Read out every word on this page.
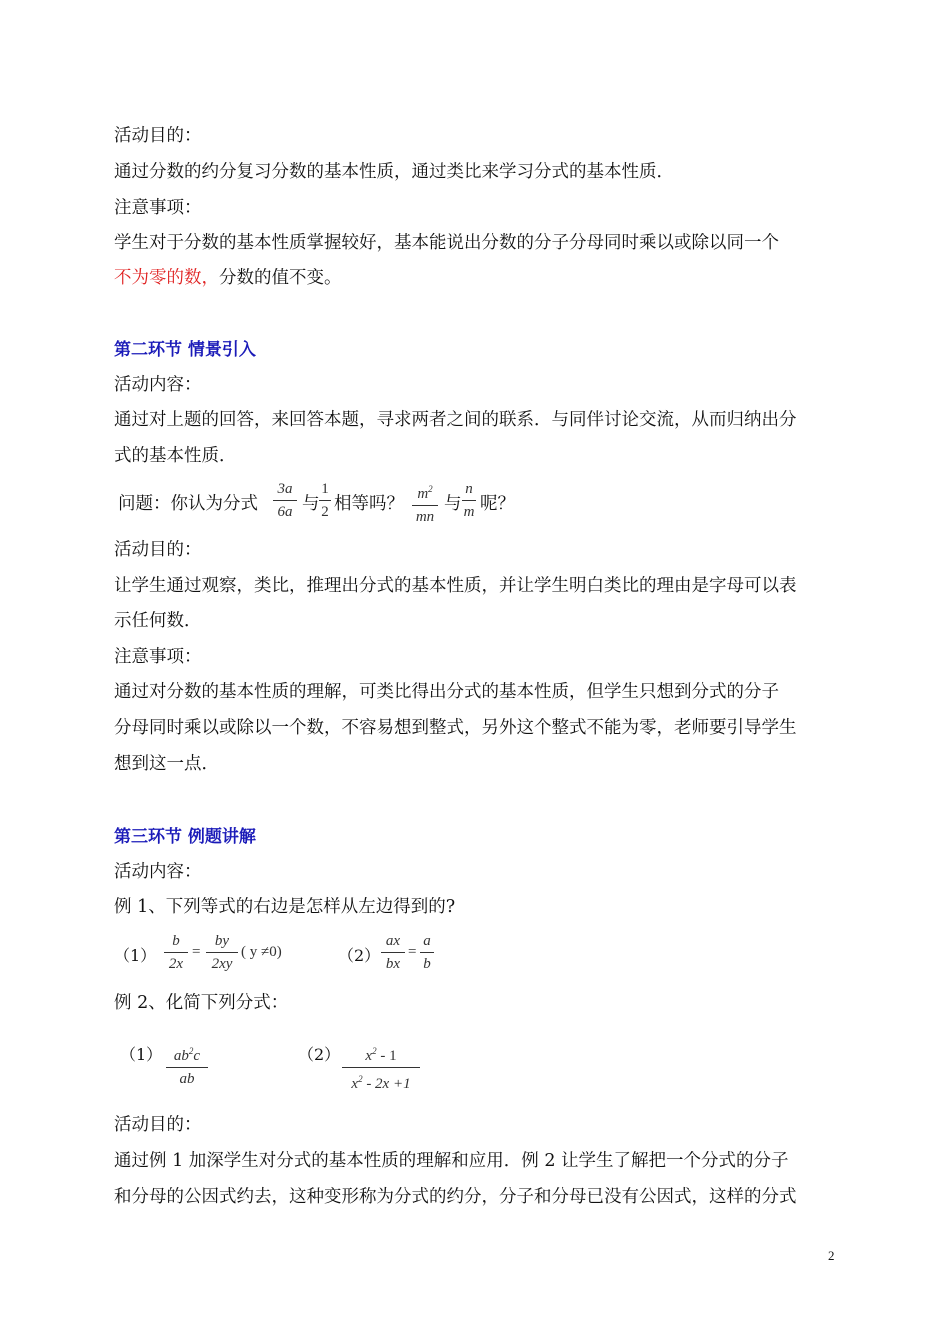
活动目的：
通过分数的约分复习分数的基本性质，通过类比来学习分式的基本性质．
注意事项：
学生对于分数的基本性质掌握较好，基本能说出分数的分子分母同时乘以或除以同一个
不为零的数，分数的值不变。
第二环节 情景引入
活动内容：
通过对上题的回答，来回答本题，寻求两者之间的联系．与同伴讨论交流，从而归纳出分
式的基本性质．
问题：你认为分式
3a
6a 与
1
2 相等吗？ $m^2$
mn
与
n
m 呢？
活动目的：
让学生通过观察，类比，推理出分式的基本性质，并让学生明白类比的理由是字母可以表
示任何数．
注意事项：
通过对分数的基本性质的理解，可类比得出分式的基本性质，但学生只想到分式的分子
分母同时乘以或除以一个数，不容易想到整式，另外这个整式不能为零，老师要引导学生
想到这一点．
第三环节 例题讲解
活动内容：
例 1、下列等式的右边是怎样从左边得到的?
（1）
b
2x
=
by
2xy
( y ≠0)	（2）
ax
bx
=
a
b
例 2、化简下列分式：
（1） $ab^2c$
ab
（2）	$x^2 - 1$
$x^2 - 2x +1$
活动目的：
通过例 1 加深学生对分式的基本性质的理解和应用．例 2 让学生了解把一个分式的分子
和分母的公因式约去，这种变形称为分式的约分，分子和分母已没有公因式，这样的分式
2
